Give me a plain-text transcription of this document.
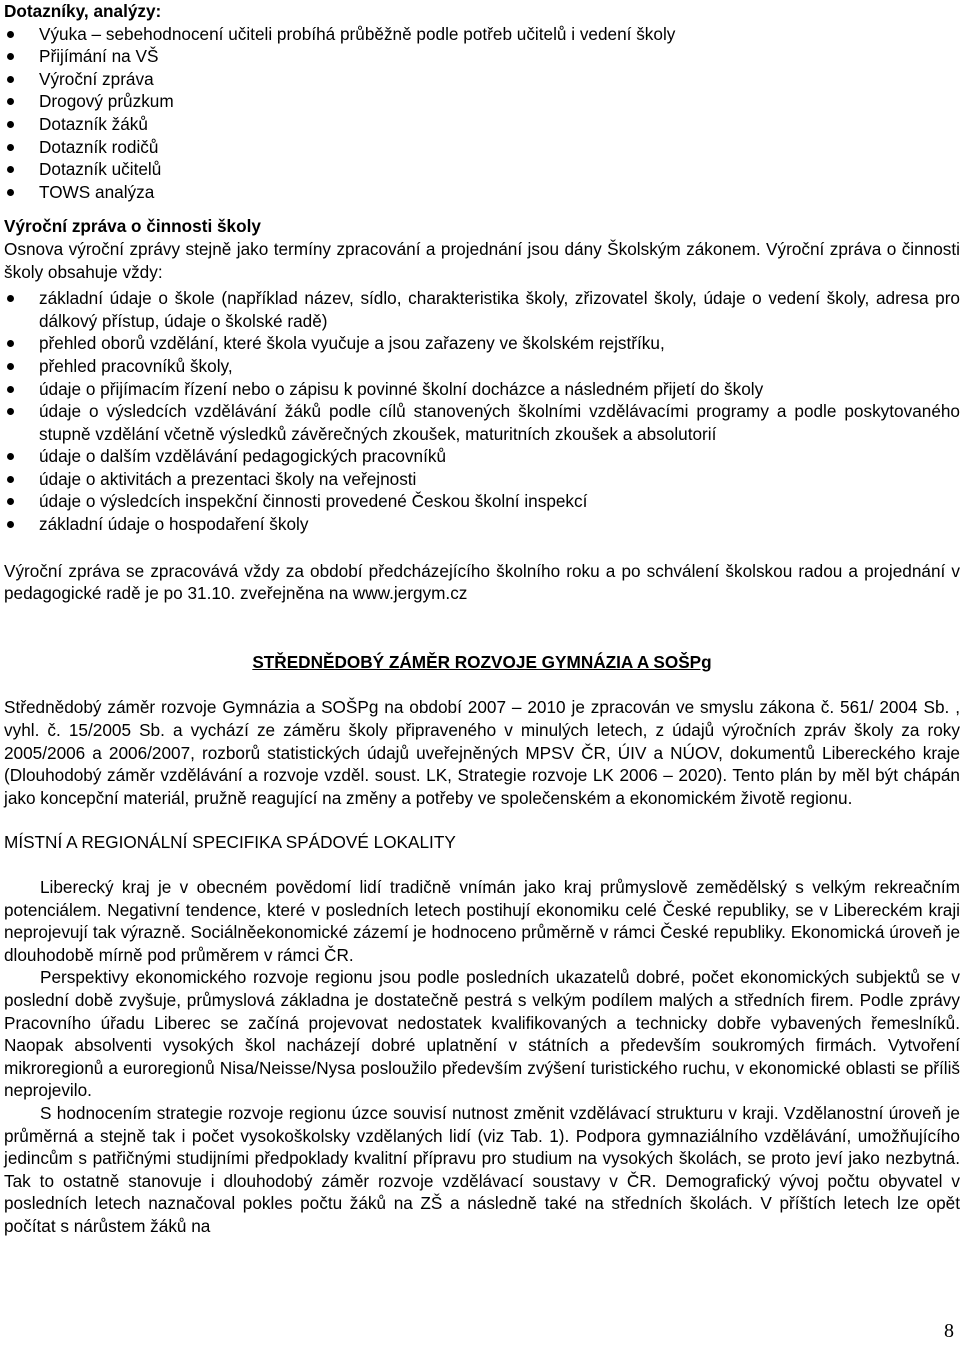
Dotazníky, analýzy:
Výuka – sebehodnocení učiteli probíhá průběžně podle potřeb učitelů i vedení školy
Přijímání na VŠ
Výroční zpráva
Drogový průzkum
Dotazník žáků
Dotazník rodičů
Dotazník učitelů
TOWS analýza
Výroční zpráva o činnosti školy

Osnova výroční zprávy stejně jako termíny zpracování a projednání jsou dány Školským zákonem. Výroční zpráva o činnosti školy obsahuje vždy:

základní údaje o škole (například název, sídlo, charakteristika školy, zřizovatel školy, údaje o vedení školy, adresa pro dálkový přístup, údaje o školské radě)
přehled oborů vzdělání, které škola vyučuje a jsou zařazeny ve školském rejstříku,
přehled pracovníků školy,
údaje o přijímacím řízení nebo o zápisu k povinné školní docházce a následném přijetí do školy
údaje o výsledcích vzdělávání žáků podle cílů stanovených školními vzdělávacími programy a podle poskytovaného stupně vzdělání včetně výsledků závěrečných zkoušek, maturitních zkoušek a absolutorií
údaje o dalším vzdělávání pedagogických pracovníků
údaje o aktivitách a prezentaci školy na veřejnosti
údaje o výsledcích inspekční činnosti provedené Českou školní inspekcí
základní údaje o hospodaření školy

Výroční zpráva se zpracovává vždy za období předcházejícího školního roku a po schválení školskou radou a projednání v pedagogické radě je po 31.10. zveřejněna na www.jergym.cz

STŘEDNĚDOBÝ ZÁMĚR ROZVOJE GYMNÁZIA A SOŠPg

Střednědobý záměr rozvoje Gymnázia a SOŠPg na období 2007 – 2010 je zpracován ve smyslu zákona č. 561/ 2004 Sb. , vyhl. č. 15/2005 Sb. a vychází ze záměru školy připraveného v minulých letech, z údajů výročních zpráv školy za roky 2005/2006 a 2006/2007, rozborů statistických údajů uveřejněných MPSV ČR, ÚIV a NÚOV, dokumentů Libereckého kraje (Dlouhodobý záměr vzdělávání a rozvoje vzděl. soust. LK, Strategie rozvoje LK 2006 – 2020). Tento plán by měl být chápán jako koncepční materiál, pružně reagující na změny a potřeby ve společenském a ekonomickém životě regionu.

MÍSTNÍ A REGIONÁLNÍ SPECIFIKA SPÁDOVÉ LOKALITY

Liberecký kraj je v obecném povědomí lidí tradičně vnímán jako kraj průmyslově zemědělský s velkým rekreačním potenciálem. Negativní tendence, které v posledních letech postihují ekonomiku celé České republiky, se v Libereckém kraji neprojevují tak výrazně. Sociálněekonomické zázemí je hodnoceno průměrně v rámci České republiky. Ekonomická úroveň je dlouhodobě mírně pod průměrem v rámci ČR.

Perspektivy ekonomického rozvoje regionu jsou podle posledních ukazatelů dobré, počet ekonomických subjektů se v poslední době zvyšuje, průmyslová základna je dostatečně pestrá s velkým podílem malých a středních firem. Podle zprávy Pracovního úřadu Liberec se začíná projevovat nedostatek kvalifikovaných a technicky dobře vybavených řemeslníků. Naopak absolventi vysokých škol nacházejí dobré uplatnění v státních a především soukromých firmách. Vytvoření mikroregionů a euroregionů Nisa/Neisse/Nysa posloužilo především zvýšení turistického ruchu, v ekonomické oblasti se příliš neprojevilo.

S hodnocením strategie rozvoje regionu úzce souvisí nutnost změnit vzdělávací strukturu v kraji. Vzdělanostní úroveň je průměrná a stejně tak i počet vysokoškolsky vzdělaných lidí (viz Tab. 1). Podpora gymnaziálního vzdělávání, umožňujícího jedincům s patřičnými studijními předpoklady kvalitní přípravu pro studium na vysokých školách, se proto jeví jako nezbytná. Tak to ostatně stanovuje i dlouhodobý záměr rozvoje vzdělávací soustavy v ČR. Demografický vývoj počtu obyvatel v posledních letech naznačoval pokles počtu žáků na ZŠ a následně také na středních školách. V příštích letech lze opět počítat s nárůstem žáků na

8
